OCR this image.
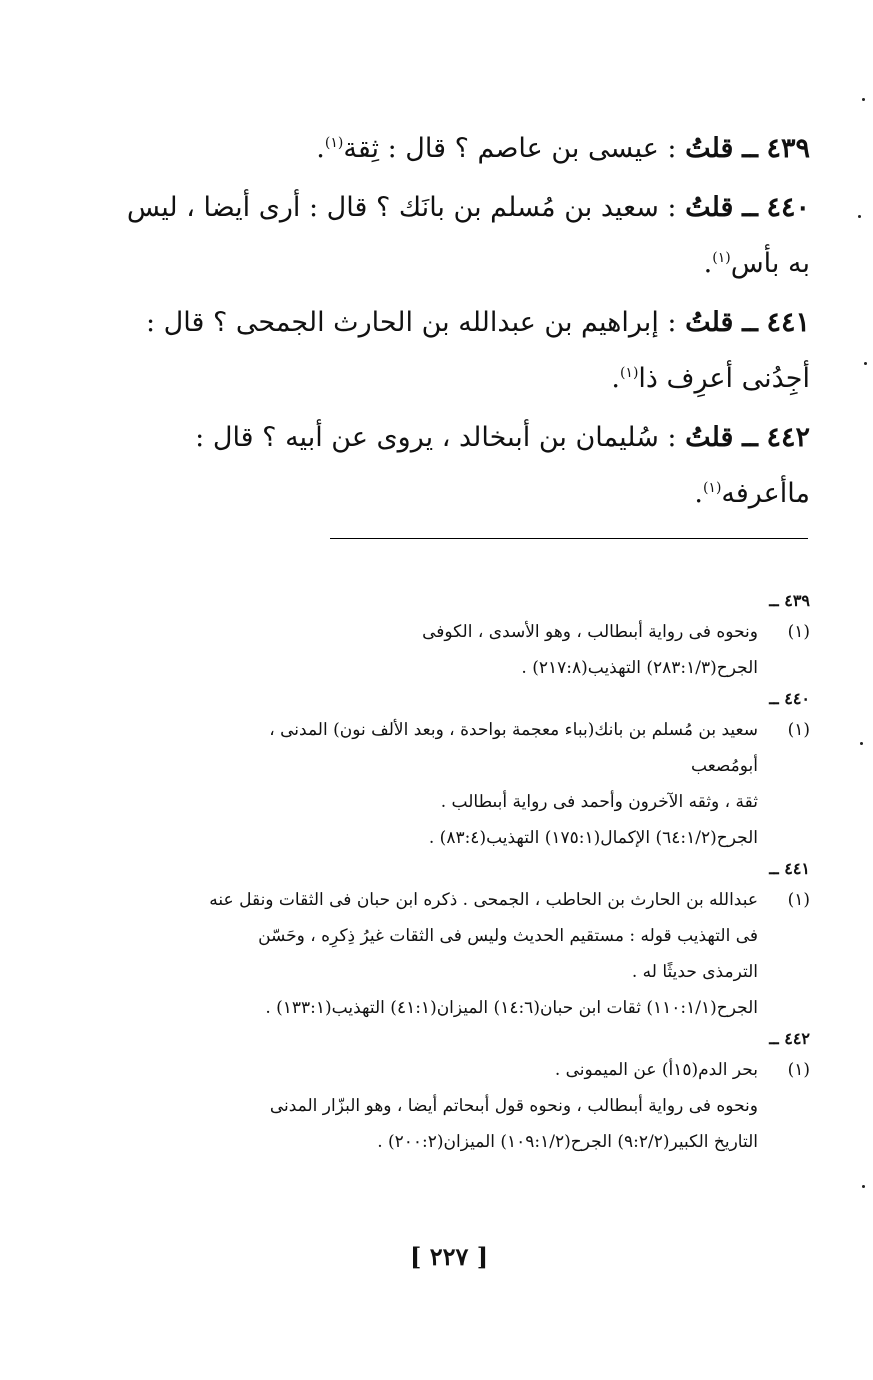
٤٣٩ ــ قلتُ : عيسى بن عاصم ؟ قال : ثِقة$^{(١)}$.
٤٤٠ ــ قلتُ : سعيد بن مُسلم بن بانَك ؟ قال : أرى أيضا ، ليس به بأس$^{(١)}$.
٤٤١ ــ قلتُ : إبراهيم بن عبدالله بن الحارث الجمحى ؟ قال : أجِدُنى أعرِف ذا$^{(١)}$.
٤٤٢ ــ قلتُ : سُليمان بن أبىخالد ، يروى عن أبيه ؟ قال : ماأعرفه$^{(١)}$.
٤٣٩ ــ
(١)
ونحوه فى رواية أبىطالب ، وهو الأسدى ، الكوفى
الجرح(٢٨٣:١/٣) التهذيب(٢١٧:٨) .
٤٤٠ ــ
(١)
سعيد بن مُسلم بن بانك(بباء معجمة بواحدة ، وبعد الألف نون) المدنى ،
أبومُصعب
ثقة ، وثقه الآخرون وأحمد فى رواية أبىطالب .
الجرح(٦٤:١/٢) الإكمال(١٧٥:١) التهذيب(٨٣:٤) .
٤٤١ ــ
(١)
عبدالله بن الحارث بن الحاطب ، الجمحى . ذكره ابن حبان فى الثقات ونقل عنه
فى التهذيب قوله : مستقيم الحديث وليس فى الثقات غيرُ ذِكرِه ، وحَسّن
الترمذى حديثًا له .
الجرح(١١٠:١/١) ثقات ابن حبان(١٤:٦) الميزان(٤١:١) التهذيب(١٣٣:١) .
٤٤٢ ــ
(١)
بحر الدم(١٥أ) عن الميمونى .
ونحوه فى رواية أبىطالب ، ونحوه قول أبىحاتم أيضا ، وهو البزّار المدنى
التاريخ الكبير(٩:٢/٢) الجرح(١٠٩:١/٢) الميزان(٢٠٠:٢) .
[ ٢٢٧ ]
